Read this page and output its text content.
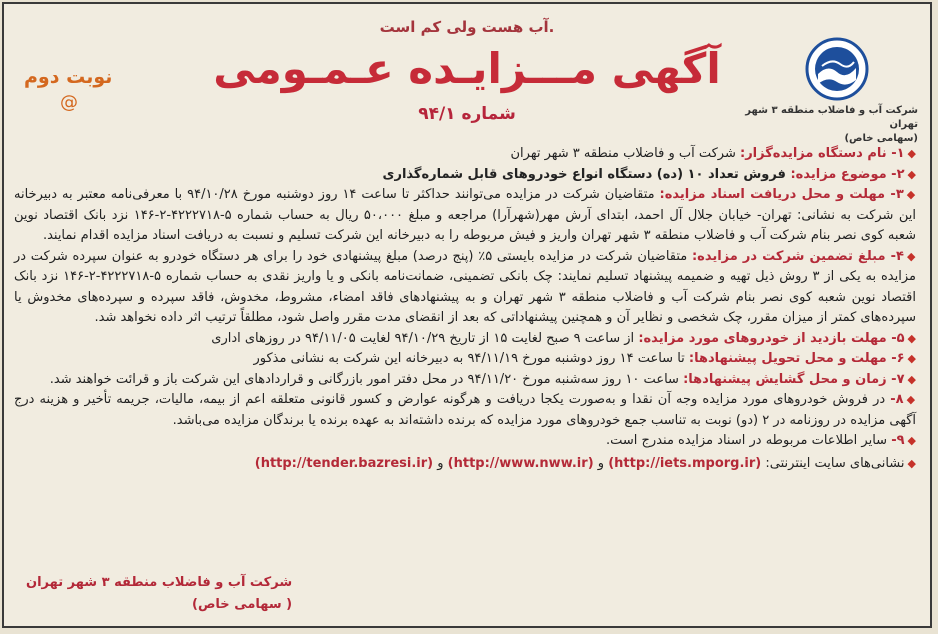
آب هست ولی کم است.
آگهی مـــزایـده عـمـومی
شماره ۹۴/۱
نوبت دوم
@	شرکت آب و فاضلاب منطقه ۳ شهر تهران
(سهامی خاص)

◆۱- نام دستگاه مزایده‌گزار: شرکت آب و فاضلاب منطقه ۳ شهر تهران

◆۲- موضوع مزایده: فروش تعداد ۱۰ (ده) دستگاه انواع خودروهای قابل شماره‌گذاری

◆۳- مهلت و محل دریافت اسناد مزایده: متقاضیان شرکت در مزایده می‌توانند حداکثر تا ساعت ۱۴ روز دوشنبه مورخ ۹۴/۱۰/۲۸ با معرفی‌نامه معتبر به دبیرخانه این شرکت به نشانی: تهران- خیابان جلال آل احمد، ابتدای آرش مهر(شهرآرا) مراجعه و مبلغ ۵۰،۰۰۰ ریال به حساب شماره ۵-۴۲۲۲۷۱۸-۲-۱۴۶ نزد بانک اقتصاد نوین شعبه کوی نصر بنام شرکت آب و فاضلاب منطقه ۳ شهر تهران واریز و فیش مربوطه را به دبیرخانه این شرکت تسلیم و نسبت به دریافت اسناد مزایده اقدام نمایند.

◆۴- مبلغ تضمین شرکت در مزایده: متقاضیان شرکت در مزایده بایستی ۵٪ (پنج درصد) مبلغ پیشنهادی خود را برای هر دستگاه خودرو به عنوان سپرده شرکت در مزایده به یکی از ۳ روش ذیل تهیه و ضمیمه پیشنهاد تسلیم نمایند: چک بانکی تضمینی، ضمانت‌نامه بانکی و یا واریز نقدی به حساب شماره ۵-۴۲۲۲۷۱۸-۲-۱۴۶ نزد بانک اقتصاد نوین شعبه کوی نصر بنام شرکت آب و فاضلاب منطقه ۳ شهر تهران و به پیشنهادهای فاقد امضاء، مشروط، مخدوش، فاقد سپرده و سپرده‌های مخدوش یا سپرده‌های کمتر از میزان مقرر، چک شخصی و نظایر آن و همچنین پیشنهاداتی که بعد از انقضای مدت مقرر واصل شود، مطلقاً ترتیب اثر داده نخواهد شد.

◆۵- مهلت بازدید از خودروهای مورد مزایده: از ساعت ۹ صبح لغایت ۱۵ از تاریخ ۹۴/۱۰/۲۹ لغایت ۹۴/۱۱/۰۵ در روزهای اداری

◆۶- مهلت و محل تحویل پیشنهادها: تا ساعت ۱۴ روز دوشنبه مورخ ۹۴/۱۱/۱۹ به دبیرخانه این شرکت به نشانی مذکور

◆۷- زمان و محل گشایش پیشنهادها: ساعت ۱۰ روز سه‌شنبه مورخ ۹۴/۱۱/۲۰ در محل دفتر امور بازرگانی و قراردادهای این شرکت باز و قرائت خواهند شد.

◆۸- در فروش خودروهای مورد مزایده وجه آن نقدا و به‌صورت یکجا دریافت و هرگونه عوارض و کسور قانونی متعلقه اعم از بیمه، مالیات، جریمه تأخیر و هزینه درج آگهی مزایده در روزنامه در ۲ (دو) نوبت به تناسب جمع خودروهای مورد مزایده که برنده داشته‌اند به عهده برنده یا برندگان مزایده می‌باشد.

◆۹- سایر اطلاعات مربوطه در اسناد مزایده مندرج است.

◆نشانی‌های سایت اینترنتی: (http://iets.mporg.ir) و (http://www.nww.ir) و (http://tender.bazresi.ir)

شرکت آب و فاضلاب منطقه ۳ شهر تهران
( سهامی خاص)
